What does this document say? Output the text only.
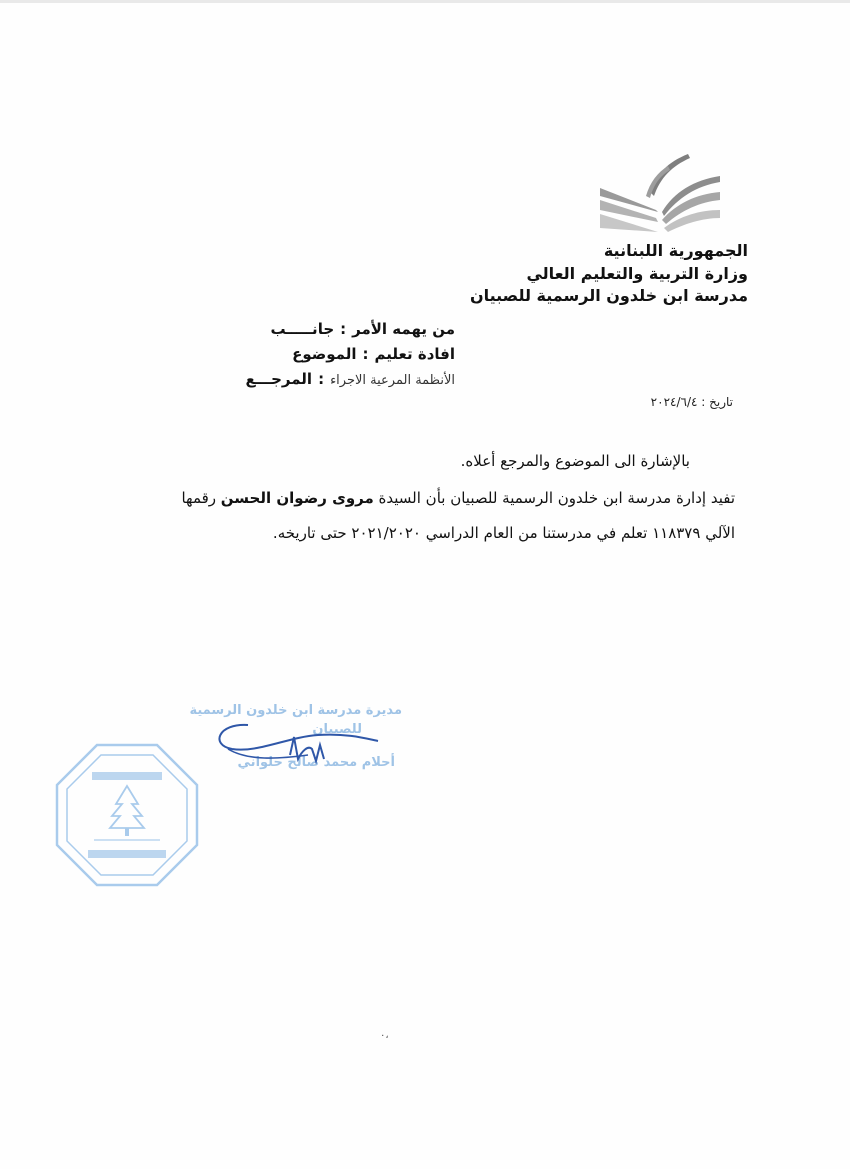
الجمهورية اللبنانية
وزارة التربية والتعليم العالي
مدرسة ابن خلدون الرسمية للصبيان
جانـــــب : من يهمه الأمر
الموضوع : افادة تعليم
المرجـــع : الأنظمة المرعية الاجراء
تاريخ : ٢٠٢٤/٦/٤
بالإشارة الى الموضوع والمرجع أعلاه.
تفيد إدارة مدرسة ابن خلدون الرسمية للصبيان بأن السيدة مروى رضوان الحسن رقمها
الآلي ١١٨٣٧٩ تعلم في مدرستنا من العام الدراسي ٢٠٢١/٢٠٢٠ حتى تاريخه.
مديرة مدرسة ابن خلدون الرسمية
للصبيان
أحلام محمد صالح حلواني
٠،
